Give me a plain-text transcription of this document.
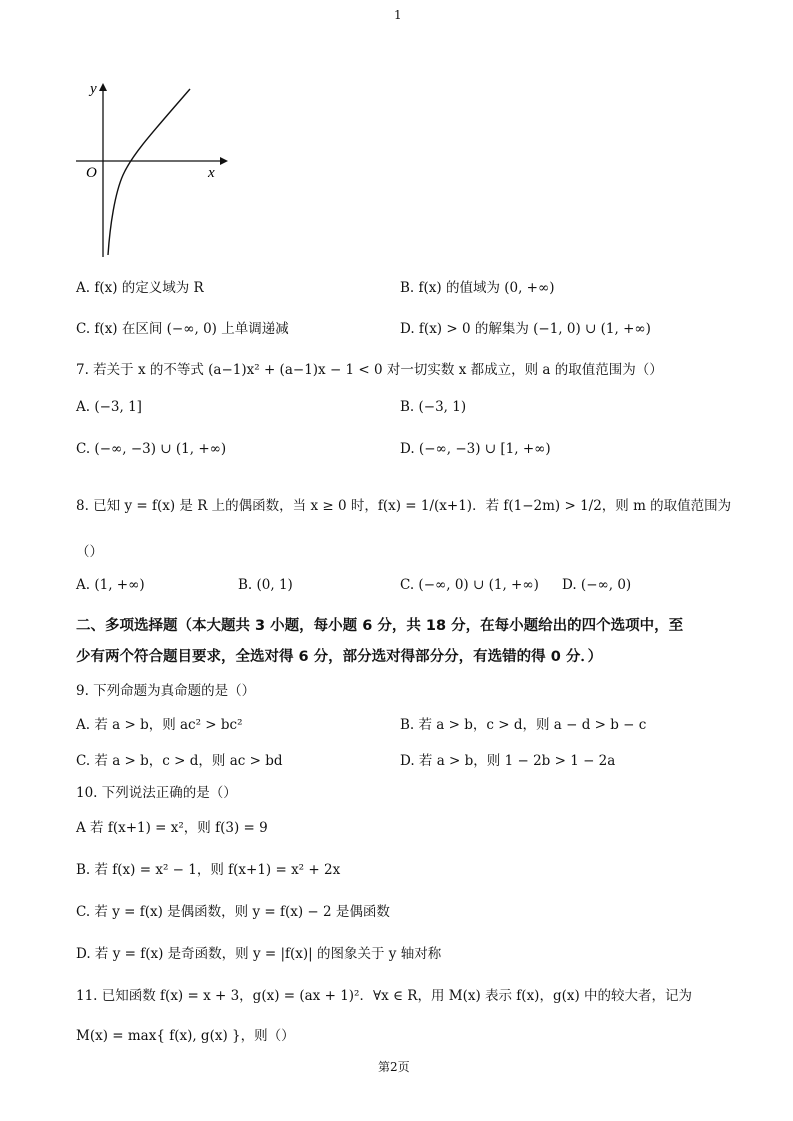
1
y
x
O
A. f(x) 的定义域为 R	B. f(x) 的值域为 (0, +∞)
C. f(x) 在区间 (−∞, 0) 上单调递减	D. f(x) > 0 的解集为 (−1, 0) ∪ (1, +∞)
7. 若关于 x 的不等式 (a−1)x² + (a−1)x − 1 < 0 对一切实数 x 都成立，则 a 的取值范围为（）
A. (−3, 1]	B. (−3, 1)
C. (−∞, −3) ∪ (1, +∞)	D. (−∞, −3) ∪ [1, +∞)
8. 已知 y = f(x) 是 R 上的偶函数，当 x ≥ 0 时，f(x) = 1/(x+1)．若 f(1−2m) > 1/2，则 m 的取值范围为
（）
A. (1, +∞)	B. (0, 1)	C. (−∞, 0) ∪ (1, +∞) D. (−∞, 0)
二、多项选择题（本大题共 3 小题，每小题 6 分，共 18 分，在每小题给出的四个选项中，至
少有两个符合题目要求，全选对得 6 分，部分选对得部分分，有选错的得 0 分．）
9. 下列命题为真命题的是（）
A. 若 a > b，则 ac² > bc²	B. 若 a > b，c > d，则 a − d > b − c
C. 若 a > b，c > d，则 ac > bd	D. 若 a > b，则 1 − 2b > 1 − 2a
10. 下列说法正确的是（）
A 若 f(x+1) = x²，则 f(3) = 9
B. 若 f(x) = x² − 1，则 f(x+1) = x² + 2x
C. 若 y = f(x) 是偶函数，则 y = f(x) − 2 是偶函数
D. 若 y = f(x) 是奇函数，则 y = |f(x)| 的图象关于 y 轴对称
11. 已知函数 f(x) = x + 3，g(x) = (ax + 1)²．∀x ∈ R，用 M(x) 表示 f(x)，g(x) 中的较大者，记为
M(x) = max{ f(x), g(x) }，则（）
第2页
